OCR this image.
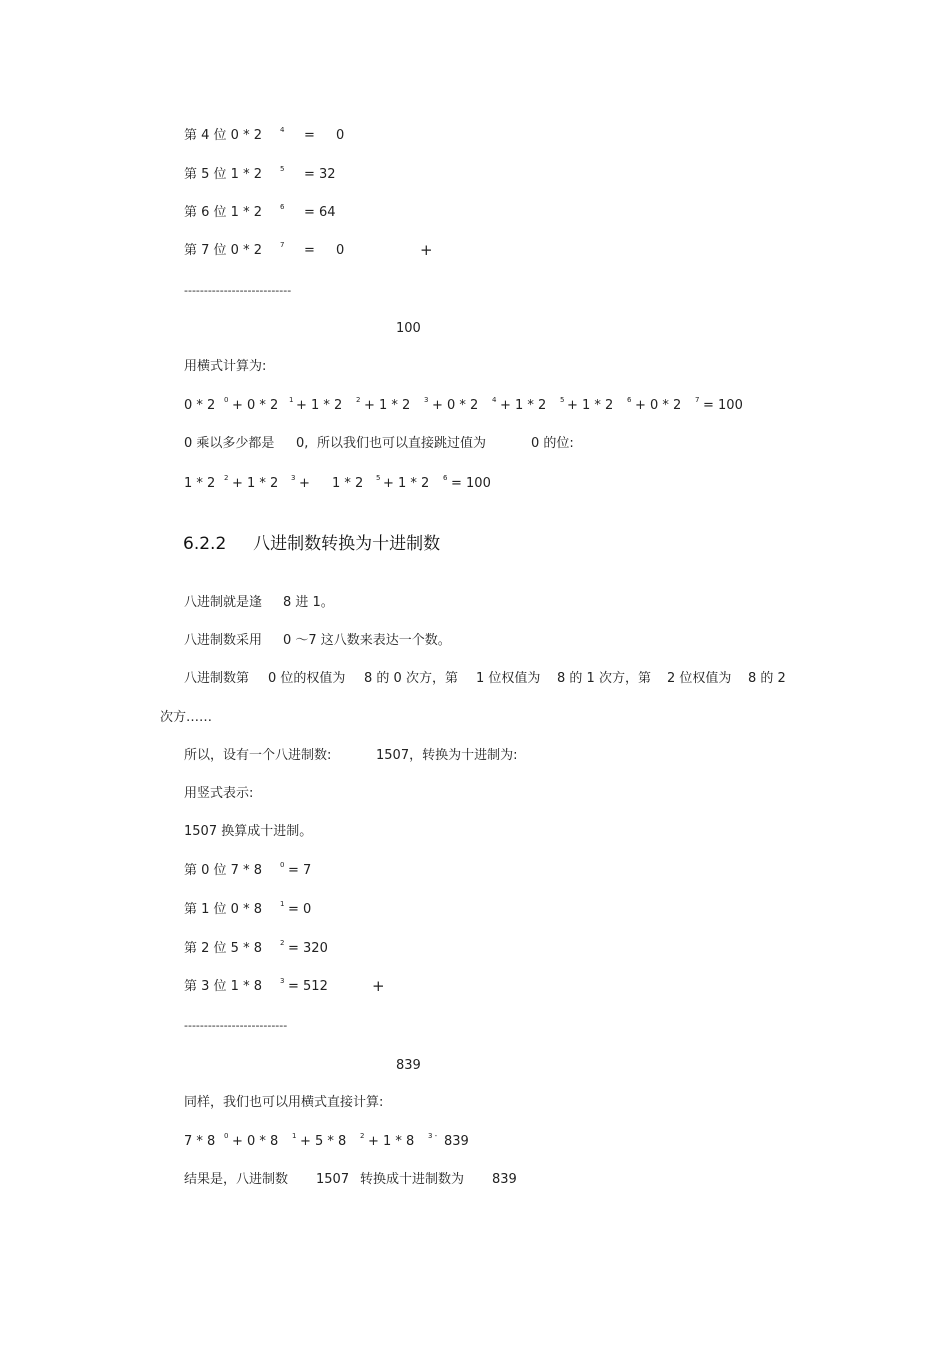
第 4 位 0 * 2	4 = 0
第 5 位 1 * 2	5 = 32
第 6 位 1 * 2	6 = 64
第 7 位 0 * 2	7 = 0	+
---------------------------
100
用横式计算为:
0 * 2 0 + 0 * 2 1 + 1 * 2 2 + 1 * 2 3 + 0 * 2 4 + 1 * 2 5 + 1 * 2 6 + 0 * 2 7 = 100
0 乘以多少都是 0, 所以我们也可以直接跳过值为	0 的位:
1 * 2 2 + 1 * 2 3 + 1 * 2 5 + 1 * 2 6 = 100
6.2.2 八进制数转换为十进制数
八进制就是逢 8 进 1。
八进制数采用 0 ～7 这八数来表达一个数。
八进制数第 0 位的权值为 8 的 0 次方，第 1 位权值为 8 的 1 次方，第 2 位权值为 8 的 2
次方……
所以，设有一个八进制数:	1507，转换为十进制为:
用竖式表示:
1507 换算成十进制。
第 0 位 7 * 8	0 = 7
第 1 位 0 * 8	1 = 0
第 2 位 5 * 8	2 = 320
第 3 位 1 * 8	3 = 512	+
--------------------------
839
同样，我们也可以用横式直接计算:
7 * 8 0 + 0 * 8 1 + 5 * 8 2 + 1 * 8 3 - 839
结果是，八进制数 1507 转换成十进制数为 839
